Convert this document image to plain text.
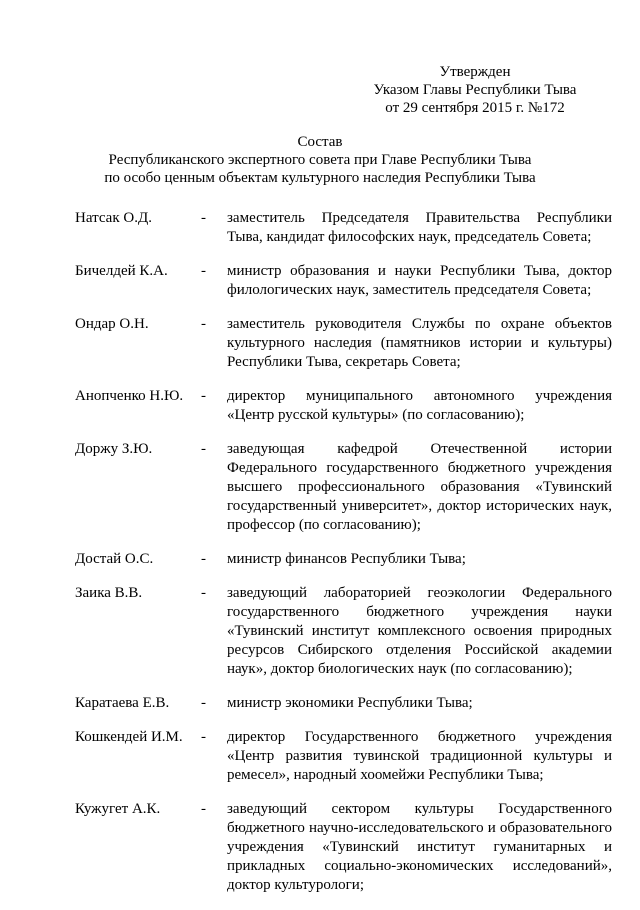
Утвержден
Указом Главы Республики Тыва
от 29 сентября 2015 г. №172
Состав
Республиканского экспертного совета при Главе Республики Тыва
по особо ценным объектам культурного наследия Республики Тыва
Натсак О.Д.	-	заместитель Председателя Правительства Республики Тыва, кандидат философских наук, председатель Совета;
Бичелдей К.А.	-	министр образования и науки Республики Тыва, доктор филологических наук, заместитель председателя Совета;
Ондар О.Н.	-	заместитель руководителя Службы по охране объектов культурного наследия (памятников истории и культуры) Республики Тыва, секретарь Совета;
Анопченко Н.Ю.	-	директор муниципального автономного учреждения «Центр русской культуры» (по согласованию);
Доржу З.Ю.	-	заведующая кафедрой Отечественной истории Федерального государственного бюджетного учреждения высшего профессионального образования «Тувинский государственный университет», доктор исторических наук, профессор (по согласованию);
Достай О.С.	-	министр финансов Республики Тыва;
Заика В.В.	-	заведующий лабораторией геоэкологии Федерального государственного бюджетного учреждения науки «Тувинский институт комплексного освоения природных ресурсов Сибирского отделения Российской академии наук», доктор биологических наук (по согласованию);
Каратаева Е.В.	-	министр экономики Республики Тыва;
Кошкендей И.М.	-	директор Государственного бюджетного учреждения «Центр развития тувинской традиционной культуры и ремесел», народный хоомейжи Республики Тыва;
Кужугет А.К.	-	заведующий сектором культуры Государственного бюджетного научно-исследовательского и образовательного учреждения «Тувинский институт гуманитарных и прикладных социально-экономических исследований», доктор культурологи;
